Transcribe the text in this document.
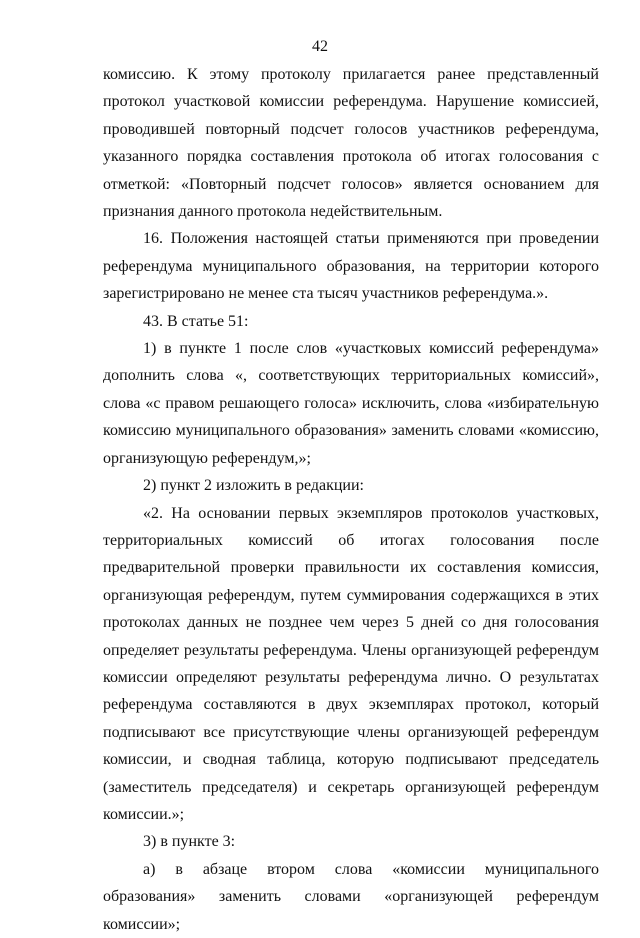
42

комиссию. К этому протоколу прилагается ранее представленный протокол участковой комиссии референдума. Нарушение комиссией, проводившей повторный подсчет голосов участников референдума, указанного порядка составления протокола об итогах голосования с отметкой: «Повторный подсчет голосов» является основанием для признания данного протокола недействительным.

16. Положения настоящей статьи применяются при проведении референдума муниципального образования, на территории которого зарегистрировано не менее ста тысяч участников референдума.».

43. В статье 51:

1) в пункте 1 после слов «участковых комиссий референдума» дополнить слова «, соответствующих территориальных комиссий», слова «с правом решающего голоса» исключить, слова «избирательную комиссию муниципального образования» заменить словами «комиссию, организующую референдум,»;

2) пункт 2 изложить в редакции:

«2. На основании первых экземпляров протоколов участковых, территориальных комиссий об итогах голосования после предварительной проверки правильности их составления комиссия, организующая референдум, путем суммирования содержащихся в этих протоколах данных не позднее чем через 5 дней со дня голосования определяет результаты референдума. Члены организующей референдум комиссии определяют результаты референдума лично. О результатах референдума составляются в двух экземплярах протокол, который подписывают все присутствующие члены организующей референдум комиссии, и сводная таблица, которую подписывают председатель (заместитель председателя) и секретарь организующей референдум комиссии.»;

3) в пункте 3:

а) в абзаце втором слова «комиссии муниципального образования» заменить словами «организующей референдум комиссии»;
